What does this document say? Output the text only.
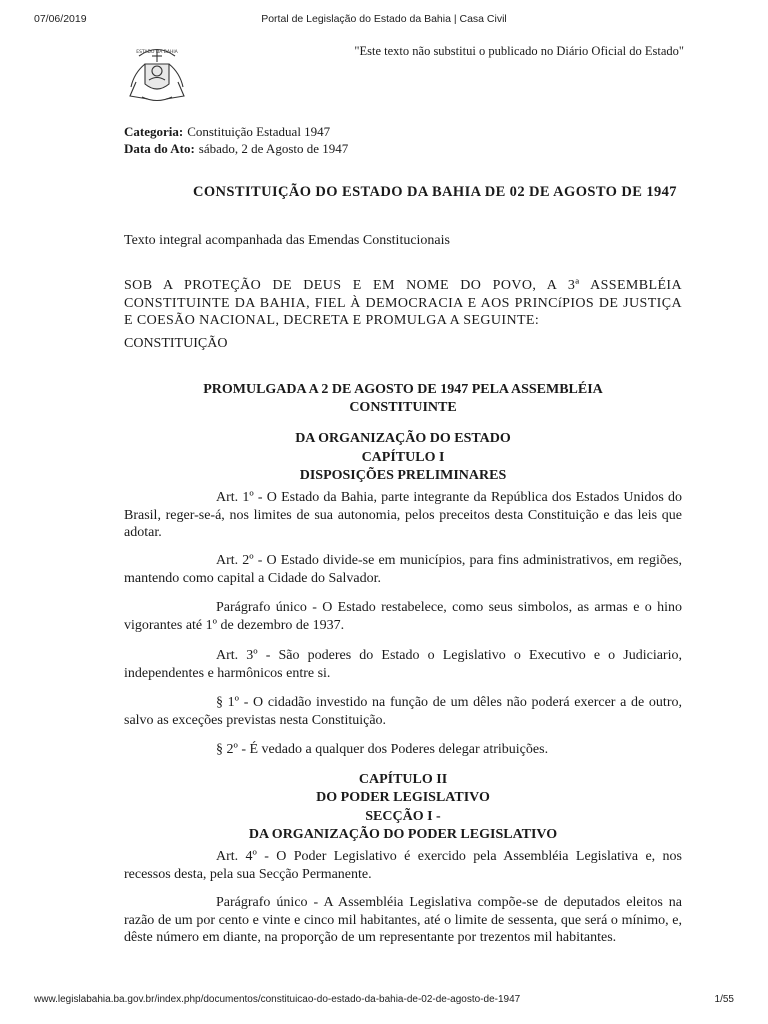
07/06/2019	Portal de Legislação do Estado da Bahia | Casa Civil
ESTADO DA BAHIA	"Este texto não substitui o publicado no Diário Oficial do Estado"
Categoria: Constituição Estadual 1947
Data do Ato: sábado, 2 de Agosto de 1947
CONSTITUIÇÃO DO ESTADO DA BAHIA DE 02 DE AGOSTO DE 1947
Texto integral acompanhada das Emendas Constitucionais
SOB A PROTEÇÃO DE DEUS E EM NOME DO POVO, A 3ª ASSEMBLÉIA CONSTITUINTE DA BAHIA, FIEL À DEMOCRACIA E AOS PRINCíPIOS DE JUSTIÇA E COESÃO NACIONAL, DECRETA E PROMULGA A SEGUINTE:
CONSTITUIÇÃO
PROMULGADA A 2 DE AGOSTO DE 1947 PELA ASSEMBLÉIA CONSTITUINTE
DA ORGANIZAÇÃO DO ESTADO
CAPÍTULO I
DISPOSIÇÕES PRELIMINARES
Art. 1º - O Estado da Bahia, parte integrante da República dos Estados Unidos do Brasil, reger-se-á, nos limites de sua autonomia, pelos preceitos desta Constituição e das leis que adotar.
Art. 2º - O Estado divide-se em municípios, para fins administrativos, em regiões, mantendo como capital a Cidade do Salvador.
Parágrafo único - O Estado restabelece, como seus simbolos, as armas e o hino vigorantes até 1º de dezembro de 1937.
Art. 3º - São poderes do Estado o Legislativo o Executivo e o Judiciario, independentes e harmônicos entre si.
§ 1º - O cidadão investido na função de um dêles não poderá exercer a de outro, salvo as exceções previstas nesta Constituição.
§ 2º - É vedado a qualquer dos Poderes delegar atribuições.
CAPÍTULO II
DO PODER LEGISLATIVO
SECÇÃO I -
DA ORGANIZAÇÃO DO PODER LEGISLATIVO
Art. 4º - O Poder Legislativo é exercido pela Assembléia Legislativa e, nos recessos desta, pela sua Secção Permanente.
Parágrafo único - A Assembléia Legislativa compõe-se de deputados eleitos na razão de um por cento e vinte e cinco mil habitantes, até o limite de sessenta, que será o mínimo, e, dêste número em diante, na proporção de um representante por trezentos mil habitantes.
www.legislabahia.ba.gov.br/index.php/documentos/constituicao-do-estado-da-bahia-de-02-de-agosto-de-1947	1/55
